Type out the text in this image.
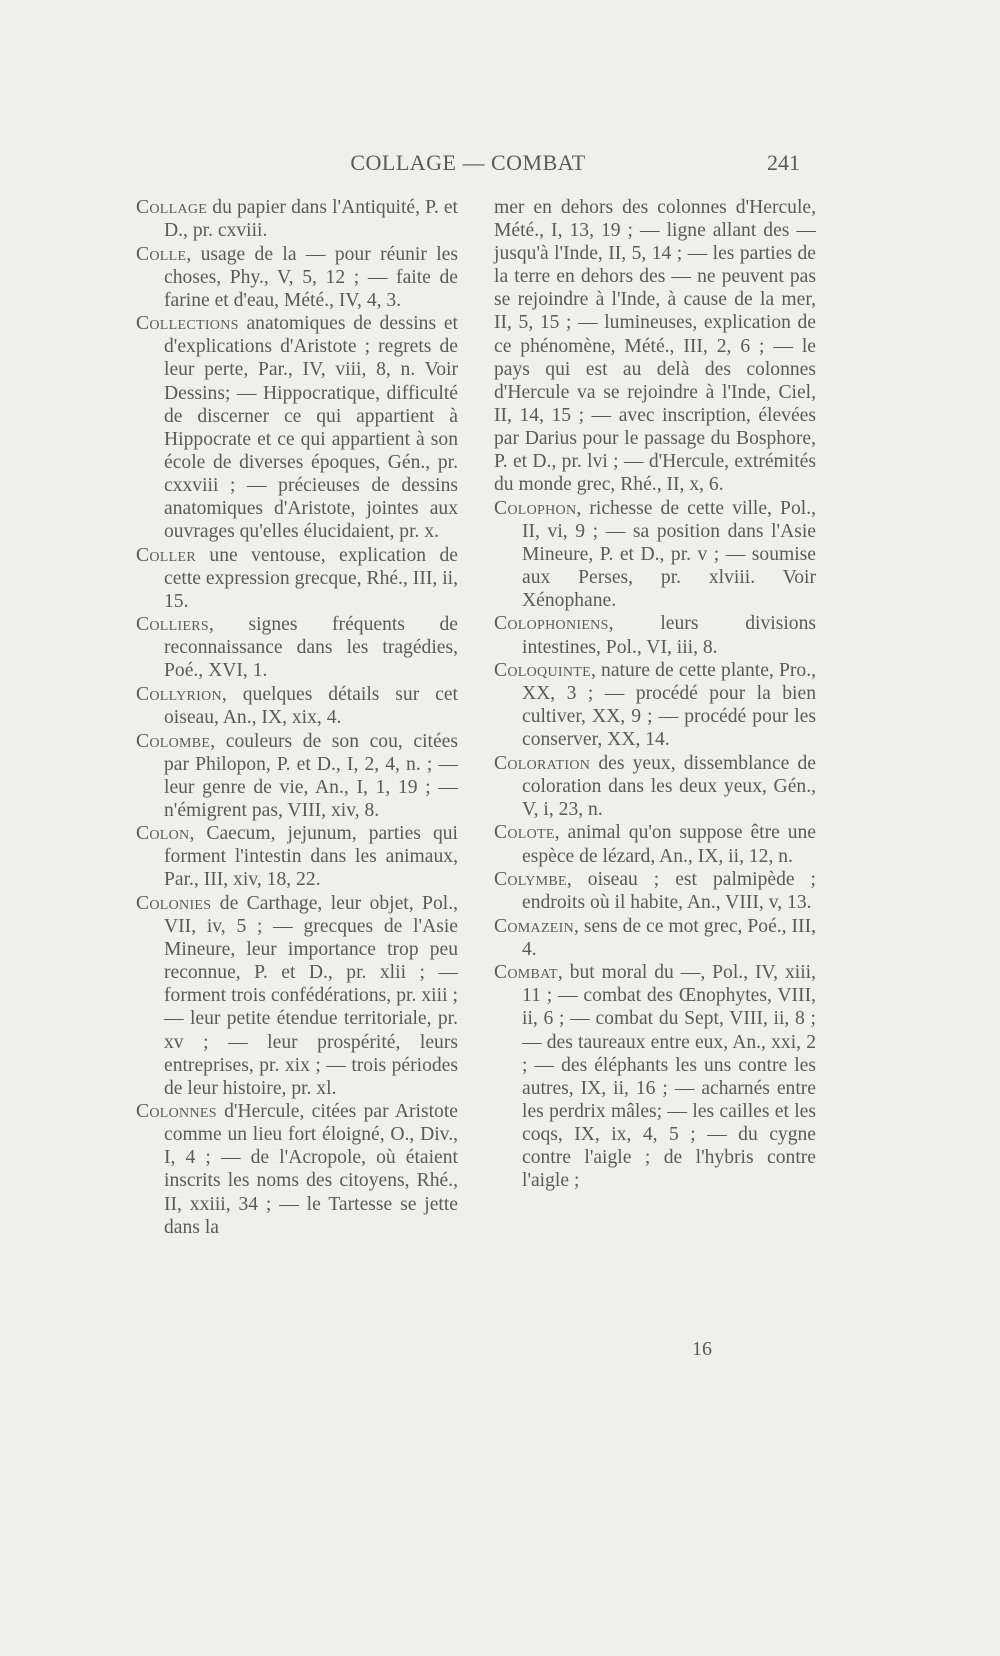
COLLAGE — COMBAT	241

Collage du papier dans l'Antiquité, P. et D., pr. cxviii.

Colle, usage de la — pour réunir les choses, Phy., V, 5, 12 ; — faite de farine et d'eau, Mété., IV, 4, 3.

Collections anatomiques de dessins et d'explications d'Aristote ; regrets de leur perte, Par., IV, viii, 8, n. Voir Dessins; — Hippocratique, difficulté de discerner ce qui appartient à Hippocrate et ce qui appartient à son école de diverses époques, Gén., pr. cxxviii ; — précieuses de dessins anatomiques d'Aristote, jointes aux ouvrages qu'elles élucidaient, pr. x.

Coller une ventouse, explication de cette expression grecque, Rhé., III, ii, 15.

Colliers, signes fréquents de reconnaissance dans les tragédies, Poé., XVI, 1.

Collyrion, quelques détails sur cet oiseau, An., IX, xix, 4.

Colombe, couleurs de son cou, citées par Philopon, P. et D., I, 2, 4, n. ; — leur genre de vie, An., I, 1, 19 ; — n'émigrent pas, VIII, xiv, 8.

Colon, Caecum, jejunum, parties qui forment l'intestin dans les animaux, Par., III, xiv, 18, 22.

Colonies de Carthage, leur objet, Pol., VII, iv, 5 ; — grecques de l'Asie Mineure, leur importance trop peu reconnue, P. et D., pr. xlii ; — forment trois confédérations, pr. xiii ; — leur petite étendue territoriale, pr. xv ; — leur prospérité, leurs entreprises, pr. xix ; — trois périodes de leur histoire, pr. xl.

Colonnes d'Hercule, citées par Aristote comme un lieu fort éloigné, O., Div., I, 4 ; — de l'Acropole, où étaient inscrits les noms des citoyens, Rhé., II, xxiii, 34 ; — le Tartesse se jette dans la

mer en dehors des colonnes d'Hercule, Mété., I, 13, 19 ; — ligne allant des — jusqu'à l'Inde, II, 5, 14 ; — les parties de la terre en dehors des — ne peuvent pas se rejoindre à l'Inde, à cause de la mer, II, 5, 15 ; — lumineuses, explication de ce phénomène, Mété., III, 2, 6 ; — le pays qui est au delà des colonnes d'Hercule va se rejoindre à l'Inde, Ciel, II, 14, 15 ; — avec inscription, élevées par Darius pour le passage du Bosphore, P. et D., pr. lvi ; — d'Hercule, extrémités du monde grec, Rhé., II, x, 6.

Colophon, richesse de cette ville, Pol., II, vi, 9 ; — sa position dans l'Asie Mineure, P. et D., pr. v ; — soumise aux Perses, pr. xlviii. Voir Xénophane.

Colophoniens, leurs divisions intestines, Pol., VI, iii, 8.

Coloquinte, nature de cette plante, Pro., XX, 3 ; — procédé pour la bien cultiver, XX, 9 ; — procédé pour les conserver, XX, 14.

Coloration des yeux, dissemblance de coloration dans les deux yeux, Gén., V, i, 23, n.

Colote, animal qu'on suppose être une espèce de lézard, An., IX, ii, 12, n.

Colymbe, oiseau ; est palmipède ; endroits où il habite, An., VIII, v, 13.

Comazein, sens de ce mot grec, Poé., III, 4.

Combat, but moral du —, Pol., IV, xiii, 11 ; — combat des Œnophytes, VIII, ii, 6 ; — combat du Sept, VIII, ii, 8 ; — des taureaux entre eux, An., xxi, 2 ; — des éléphants les uns contre les autres, IX, ii, 16 ; — acharnés entre les perdrix mâles; — les cailles et les coqs, IX, ix, 4, 5 ; — du cygne contre l'aigle ; de l'hybris contre l'aigle ;

16
